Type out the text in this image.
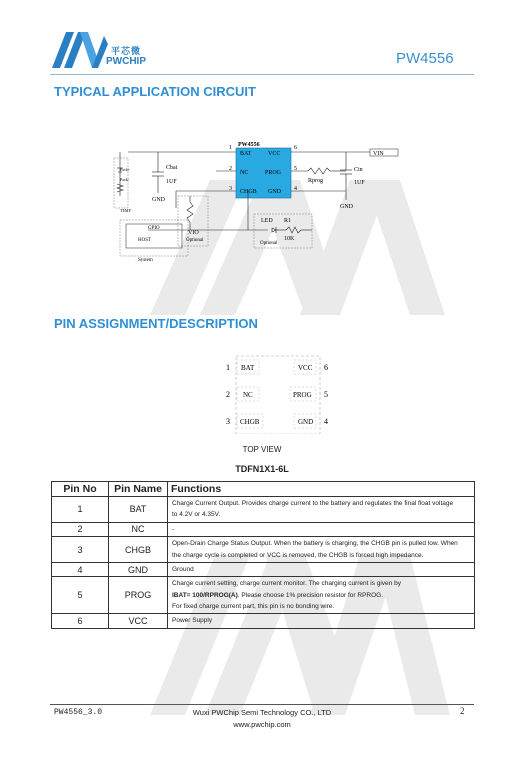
平芯微
PWCHIP	PW4556
TYPICAL APPLICATION CIRCUIT
PW4556
BAT
NC
CHGB
VCC
PROG
GND
1
2
3
6
5
4
VIN
Cbat
1UF
Cin
1UF
Rprog
GND
GND
Pack+
Pack-
TEMP
GPIO
HOST
System
VIO
Optional
LED R1
10K
Optional
PIN ASSIGNMENT/DESCRIPTION
1
2
3
BAT
NC
CHGB
VCC
PROG
GND
6
5
4
TOP VIEW
TDFN1X1-6L
Pin No	Pin Name	Functions
1	BAT	Charge Current Output. Provides charge current to the battery and regulates the final float voltage
to 4.2V or 4.35V.

2	NC	-

3	CHGB	Open-Drain Charge Status Output. When the battery is charging, the CHGB pin is pulled low. When
the charge cycle is completed or VCC is removed, the CHGB is forced high impedance.

4	GND	Ground

5	PROG	Charge current setting, charge current monitor. The charging current is given by
IBAT= 100/RPROG(A). Please choose 1% precision resistor for RPROG.
For fixed charge current part, this pin is no bonding wire.

6	VCC	Power Supply
PW4556_3.0	Wuxi PWChip Semi Technology CO., LTD
www.pwchip.com
2
